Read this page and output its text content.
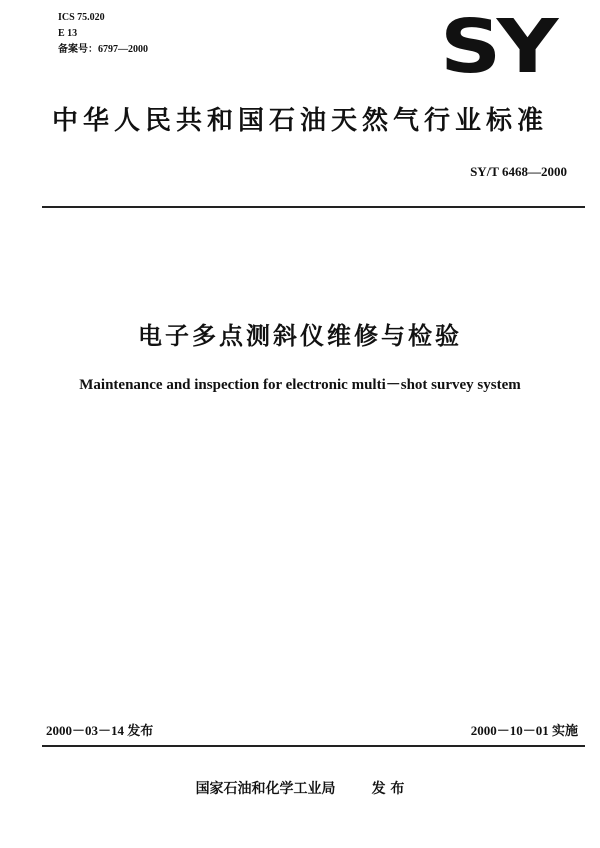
ICS 75.020
E 13
备案号：6797—2000	SY
中华人民共和国石油天然气行业标准
SY/T 6468—2000
电子多点测斜仪维修与检验
Maintenance and inspection for electronic multi－shot survey system
2000－03－14 发布	2000－10－01 实施
国家石油和化学工业局	发 布
